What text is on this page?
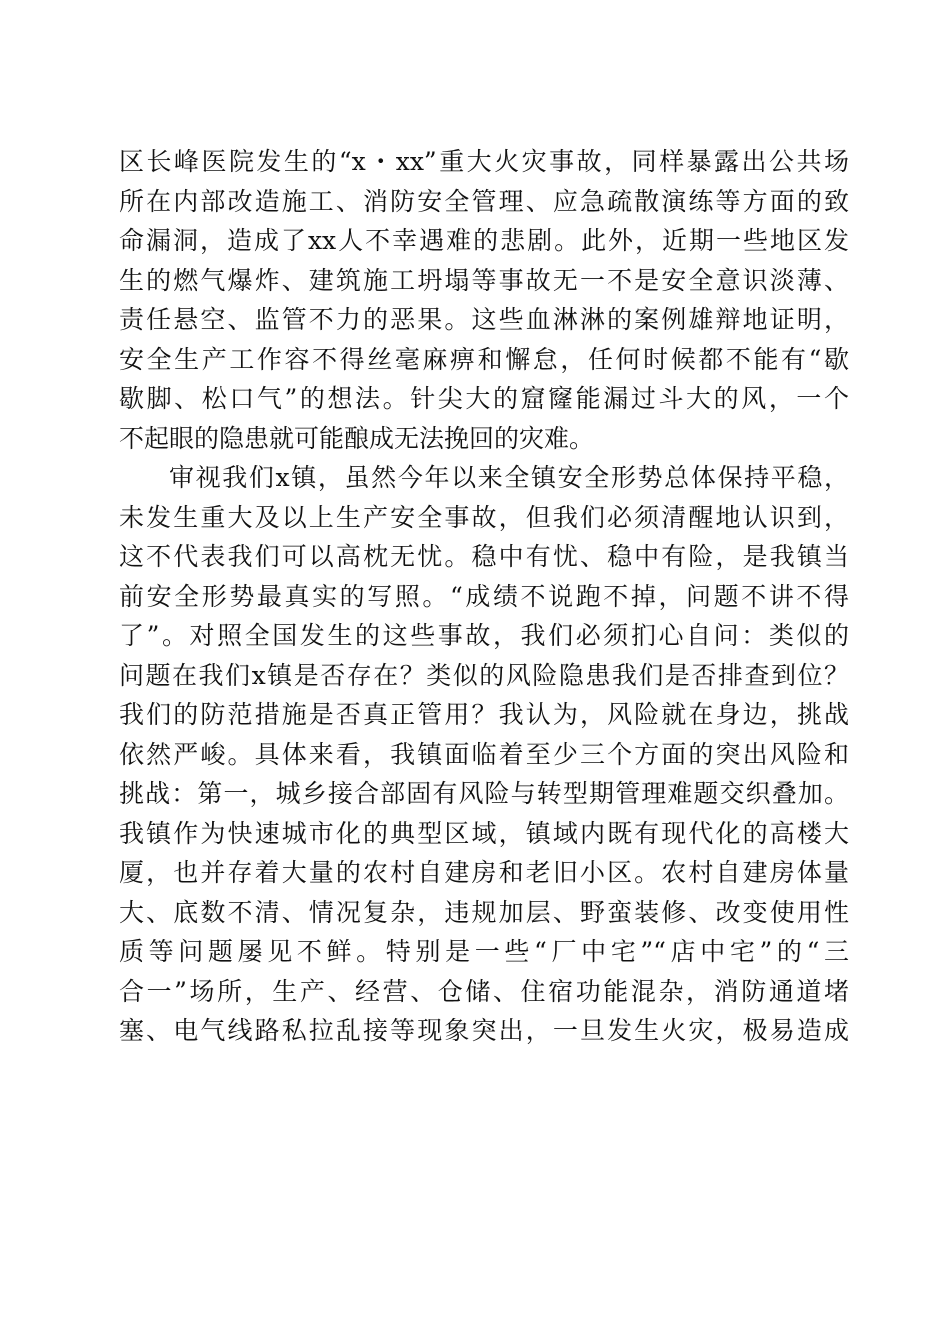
区长峰医院发生的“x・xx”重大火灾事故，同样暴露出公共场
所在内部改造施工、消防安全管理、应急疏散演练等方面的致
命漏洞，造成了xx人不幸遇难的悲剧。此外，近期一些地区发
生的燃气爆炸、建筑施工坍塌等事故无一不是安全意识淡薄、
责任悬空、监管不力的恶果。这些血淋淋的案例雄辩地证明，
安全生产工作容不得丝毫麻痹和懈怠，任何时候都不能有“歇
歇脚、松口气”的想法。针尖大的窟窿能漏过斗大的风，一个
不起眼的隐患就可能酿成无法挽回的灾难。
审视我们x镇，虽然今年以来全镇安全形势总体保持平稳，
未发生重大及以上生产安全事故，但我们必须清醒地认识到，
这不代表我们可以高枕无忧。稳中有忧、稳中有险，是我镇当
前安全形势最真实的写照。“成绩不说跑不掉，问题不讲不得
了”。对照全国发生的这些事故，我们必须扪心自问：类似的
问题在我们x镇是否存在？类似的风险隐患我们是否排查到位？
我们的防范措施是否真正管用？我认为，风险就在身边，挑战
依然严峻。具体来看，我镇面临着至少三个方面的突出风险和
挑战：第一，城乡接合部固有风险与转型期管理难题交织叠加。
我镇作为快速城市化的典型区域，镇域内既有现代化的高楼大
厦，也并存着大量的农村自建房和老旧小区。农村自建房体量
大、底数不清、情况复杂，违规加层、野蛮装修、改变使用性
质等问题屡见不鲜。特别是一些“厂中宅”“店中宅”的“三
合一”场所，生产、经营、仓储、住宿功能混杂，消防通道堵
塞、电气线路私拉乱接等现象突出，一旦发生火灾，极易造成
